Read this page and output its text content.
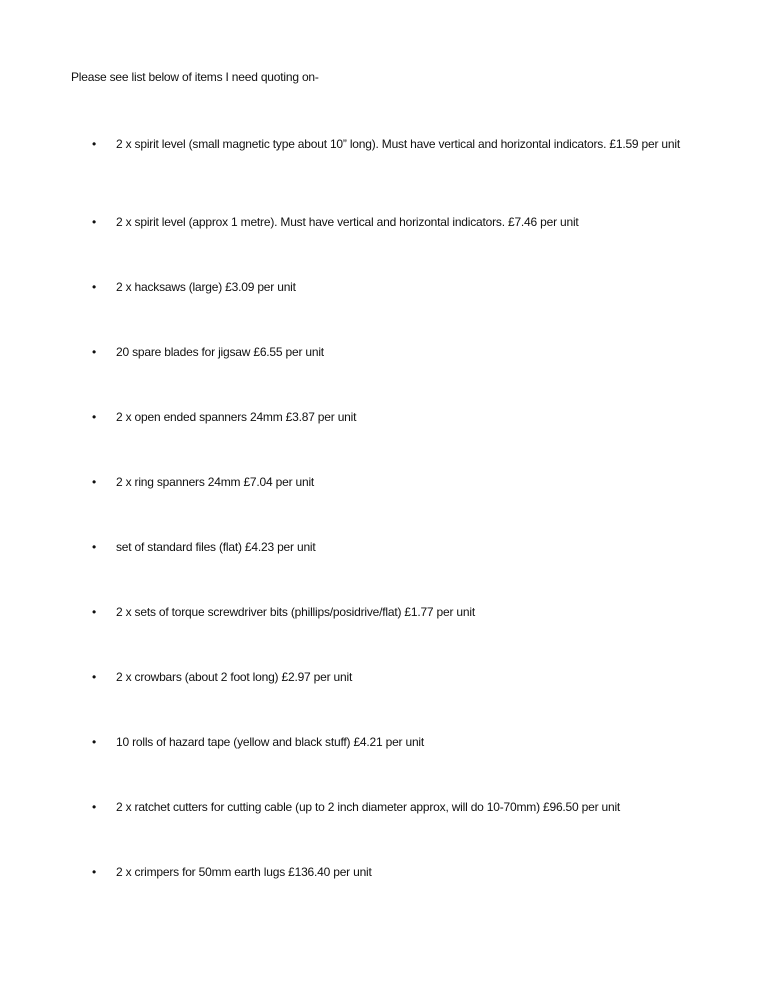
Please see list below of items I need quoting on-

•	2 x spirit level (small magnetic type about 10” long). Must have vertical and horizontal indicators. £1.59 per unit
•	2 x spirit level (approx 1 metre). Must have vertical and horizontal indicators. £7.46 per unit
•	2 x hacksaws (large) £3.09 per unit
•	20 spare blades for jigsaw £6.55 per unit
•	2 x open ended spanners 24mm £3.87 per unit
•	2 x ring spanners 24mm £7.04 per unit
•	set of standard files (flat) £4.23 per unit
•	2 x sets of torque screwdriver bits (phillips/posidrive/flat) £1.77 per unit
•	2 x crowbars (about 2 foot long) £2.97 per unit
•	10 rolls of hazard tape (yellow and black stuff) £4.21 per unit
•	2 x ratchet cutters for cutting cable (up to 2 inch diameter approx, will do 10-70mm) £96.50 per unit
•	2 x crimpers for 50mm earth lugs £136.40 per unit
